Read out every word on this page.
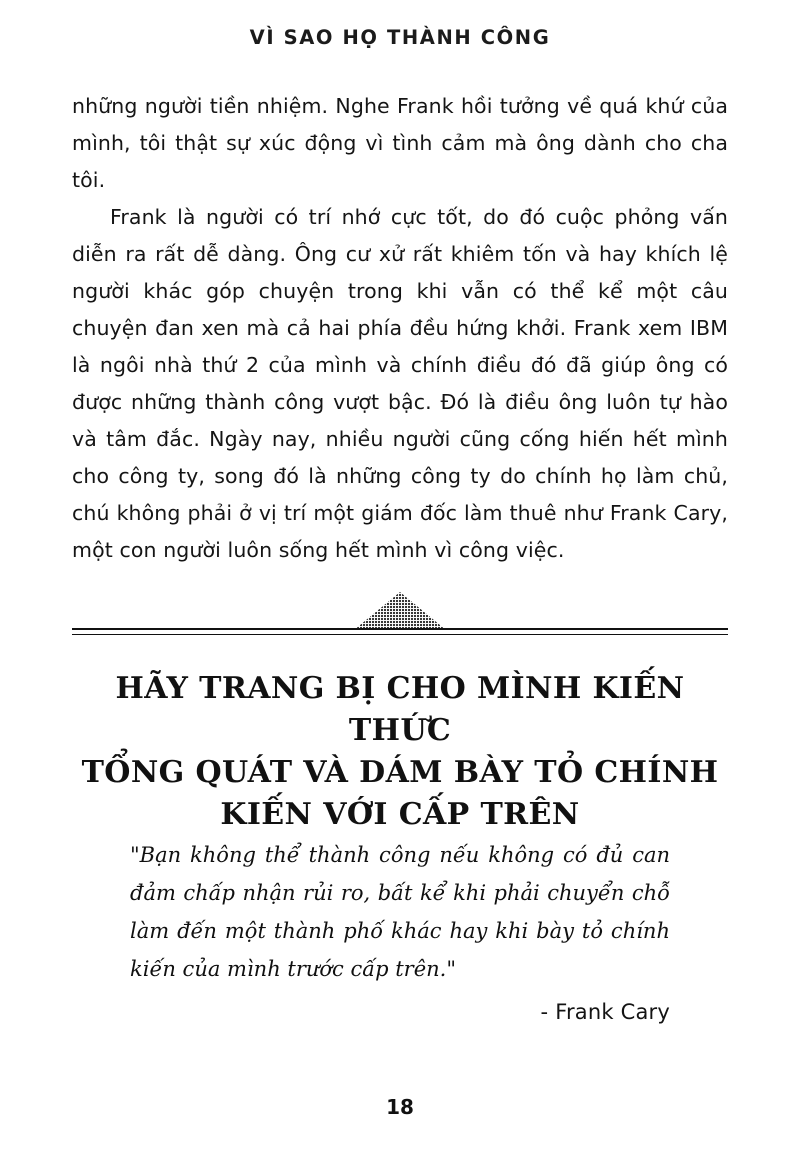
VÌ SAO HỌ THÀNH CÔNG

những người tiền nhiệm. Nghe Frank hồi tưởng về quá khứ của mình, tôi thật sự xúc động vì tình cảm mà ông dành cho cha tôi.

Frank là người có trí nhớ cực tốt, do đó cuộc phỏng vấn diễn ra rất dễ dàng. Ông cư xử rất khiêm tốn và hay khích lệ người khác góp chuyện trong khi vẫn có thể kể một câu chuyện đan xen mà cả hai phía đều hứng khởi. Frank xem IBM là ngôi nhà thứ 2 của mình và chính điều đó đã giúp ông có được những thành công vượt bậc. Đó là điều ông luôn tự hào và tâm đắc. Ngày nay, nhiều người cũng cống hiến hết mình cho công ty, song đó là những công ty do chính họ làm chủ, chú không phải ở vị trí một giám đốc làm thuê như Frank Cary, một con người luôn sống hết mình vì công việc.

HÃY TRANG BỊ CHO MÌNH KIẾN THỨC
TỔNG QUÁT VÀ DÁM BÀY TỎ CHÍNH
KIẾN VỚI CẤP TRÊN

"Bạn không thể thành công nếu không có đủ can đảm chấp nhận rủi ro, bất kể khi phải chuyển chỗ làm đến một thành phố khác hay khi bày tỏ chính kiến của mình trước cấp trên."

- Frank Cary
18
